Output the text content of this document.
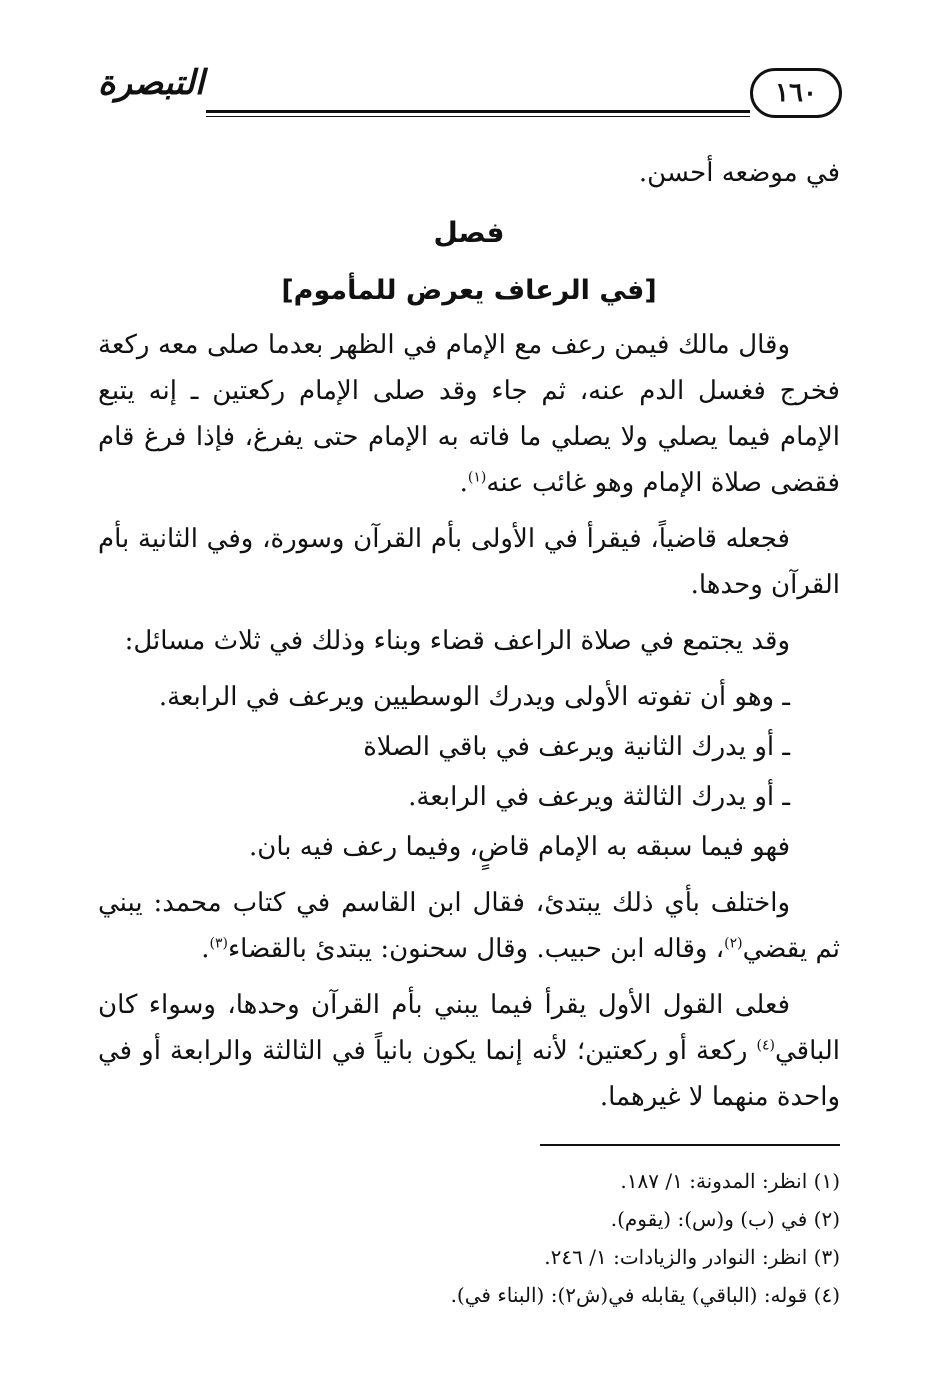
١٦٠
التبصرة

في موضعه أحسن.

فصل
[في الرعاف يعرض للمأموم]

وقال مالك فيمن رعف مع الإمام في الظهر بعدما صلى معه ركعة فخرج فغسل الدم عنه، ثم جاء وقد صلى الإمام ركعتين ـ إنه يتبع الإمام فيما يصلي ولا يصلي ما فاته به الإمام حتى يفرغ، فإذا فرغ قام فقضى صلاة الإمام وهو غائب عنه$^{(١)}$.

فجعله قاضياً، فيقرأ في الأولى بأم القرآن وسورة، وفي الثانية بأم القرآن وحدها.

وقد يجتمع في صلاة الراعف قضاء وبناء وذلك في ثلاث مسائل:

ـ وهو أن تفوته الأولى ويدرك الوسطيين ويرعف في الرابعة.
ـ أو يدرك الثانية ويرعف في باقي الصلاة
ـ أو يدرك الثالثة ويرعف في الرابعة.

فهو فيما سبقه به الإمام قاضٍ، وفيما رعف فيه بان.

واختلف بأي ذلك يبتدئ، فقال ابن القاسم في كتاب محمد: يبني ثم يقضي$^{(٢)}$، وقاله ابن حبيب. وقال سحنون: يبتدئ بالقضاء$^{(٣)}$.

فعلى القول الأول يقرأ فيما يبني بأم القرآن وحدها، وسواء كان الباقي$^{(٤)}$ ركعة أو ركعتين؛ لأنه إنما يكون بانياً في الثالثة والرابعة أو في واحدة منهما لا غيرهما.

(١) انظر: المدونة: ١/ ١٨٧.

(٢) في (ب) و(س): (يقوم).

(٣) انظر: النوادر والزيادات: ١/ ٢٤٦.

(٤) قوله: (الباقي) يقابله في(ش٢): (البناء في).
